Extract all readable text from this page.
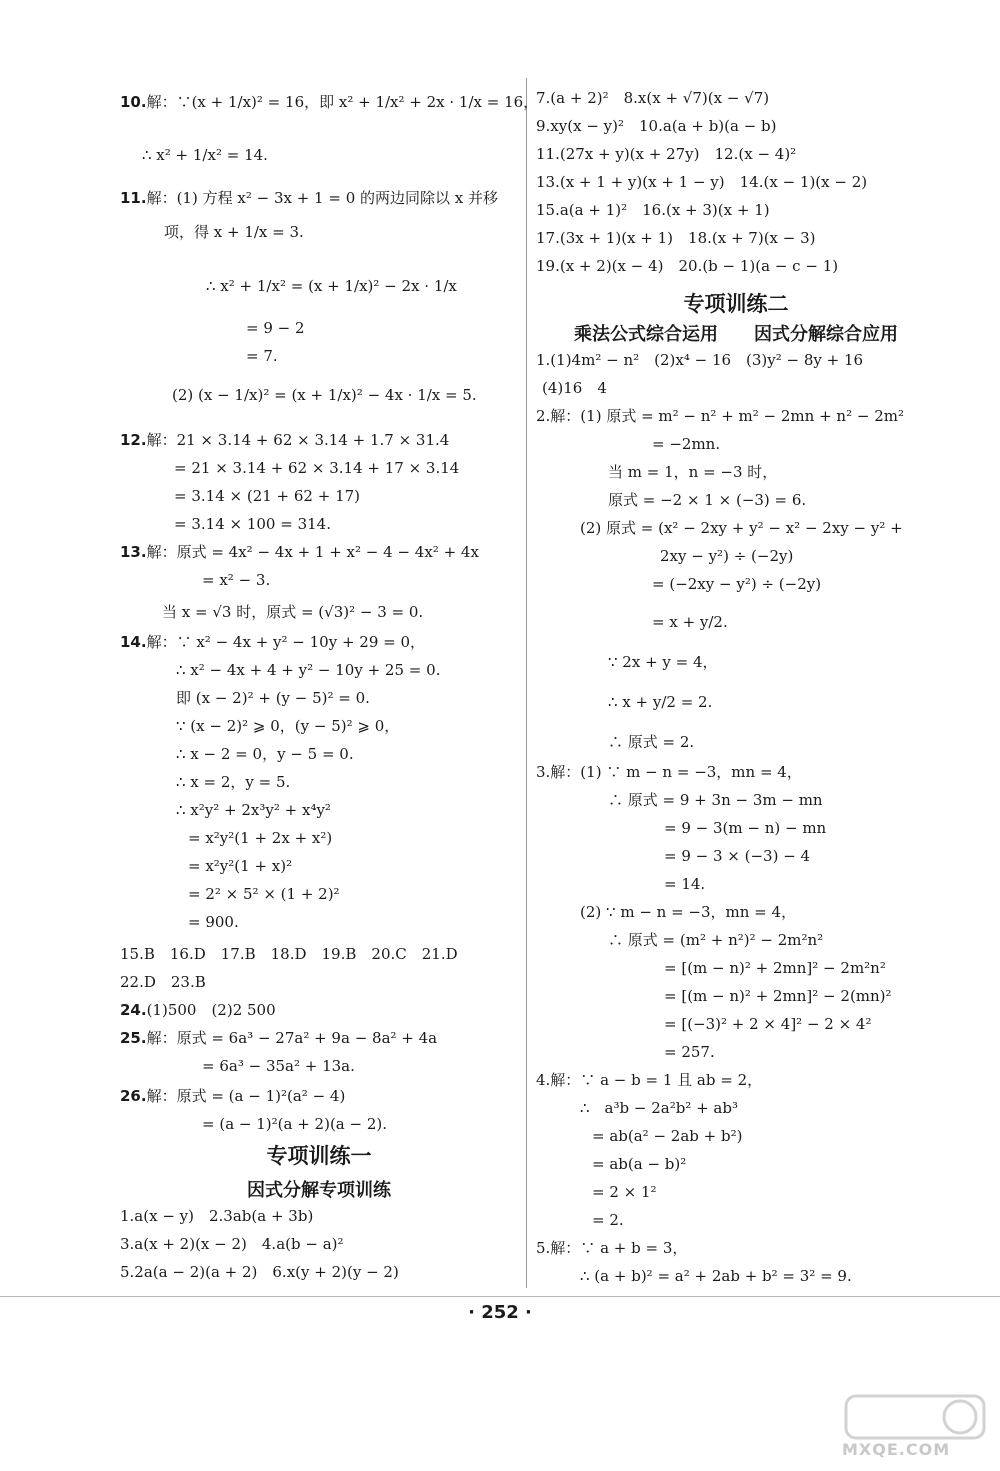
10.解：∵(x + 1/x)² = 16，即 x² + 1/x² + 2x · 1/x = 16，
∴ x² + 1/x² = 14.
11.解：(1) 方程 x² − 3x + 1 = 0 的两边同除以 x 并移
项，得 x + 1/x = 3.
∴ x² + 1/x² = (x + 1/x)² − 2x · 1/x
= 9 − 2
= 7.
(2) (x − 1/x)² = (x + 1/x)² − 4x · 1/x = 5.
12.解：21 × 3.14 + 62 × 3.14 + 1.7 × 31.4
= 21 × 3.14 + 62 × 3.14 + 17 × 3.14
= 3.14 × (21 + 62 + 17)
= 3.14 × 100 = 314.
13.解：原式 = 4x² − 4x + 1 + x² − 4 − 4x² + 4x
= x² − 3.
当 x = √3 时，原式 = (√3)² − 3 = 0.
14.解：∵ x² − 4x + y² − 10y + 29 = 0，
∴ x² − 4x + 4 + y² − 10y + 25 = 0.
即 (x − 2)² + (y − 5)² = 0.
∵ (x − 2)² ⩾ 0，(y − 5)² ⩾ 0，
∴ x − 2 = 0，y − 5 = 0.
∴ x = 2，y = 5.
∴ x²y² + 2x³y² + x⁴y²
= x²y²(1 + 2x + x²)
= x²y²(1 + x)²
= 2² × 5² × (1 + 2)²
= 900.
15.B　16.D　17.B　18.D　19.B　20.C　21.D
22.D　23.B
24.(1)500　(2)2 500
25.解：原式 = 6a³ − 27a² + 9a − 8a² + 4a
= 6a³ − 35a² + 13a.
26.解：原式 = (a − 1)²(a² − 4)
= (a − 1)²(a + 2)(a − 2).
1.a(x − y)　2.3ab(a + 3b)
3.a(x + 2)(x − 2)　4.a(b − a)²
5.2a(a − 2)(a + 2)　6.x(y + 2)(y − 2)
专项训练一
因式分解专项训练
7.(a + 2)²　8.x(x + √7)(x − √7)
9.xy(x − y)²　10.a(a + b)(a − b)
11.(27x + y)(x + 27y)　12.(x − 4)²
13.(x + 1 + y)(x + 1 − y)　14.(x − 1)(x − 2)
15.a(a + 1)²　16.(x + 3)(x + 1)
17.(3x + 1)(x + 1)　18.(x + 7)(x − 3)
19.(x + 2)(x − 4)　20.(b − 1)(a − c − 1)
1.(1)4m² − n²　(2)x⁴ − 16　(3)y² − 8y + 16
(4)16　4
2.解：(1) 原式 = m² − n² + m² − 2mn + n² − 2m²
= −2mn.
当 m = 1，n = −3 时，
原式 = −2 × 1 × (−3) = 6.
(2) 原式 = (x² − 2xy + y² − x² − 2xy − y² +
2xy − y²) ÷ (−2y)
= (−2xy − y²) ÷ (−2y)
= x + y/2.
∵ 2x + y = 4，
∴ x + y/2 = 2.
∴ 原式 = 2.
3.解：(1) ∵ m − n = −3，mn = 4，
∴ 原式 = 9 + 3n − 3m − mn
= 9 − 3(m − n) − mn
= 9 − 3 × (−3) − 4
= 14.
(2) ∵ m − n = −3，mn = 4，
∴ 原式 = (m² + n²)² − 2m²n²
= [(m − n)² + 2mn]² − 2m²n²
= [(m − n)² + 2mn]² − 2(mn)²
= [(−3)² + 2 × 4]² − 2 × 4²
= 257.
4.解：∵ a − b = 1 且 ab = 2，
∴　a³b − 2a²b² + ab³
= ab(a² − 2ab + b²)
= ab(a − b)²
= 2 × 1²
= 2.
5.解：∵ a + b = 3，
∴ (a + b)² = a² + 2ab + b² = 3² = 9.
专项训练二
乘法公式综合运用　　因式分解综合应用
· 252 ·
MXQE.COM
